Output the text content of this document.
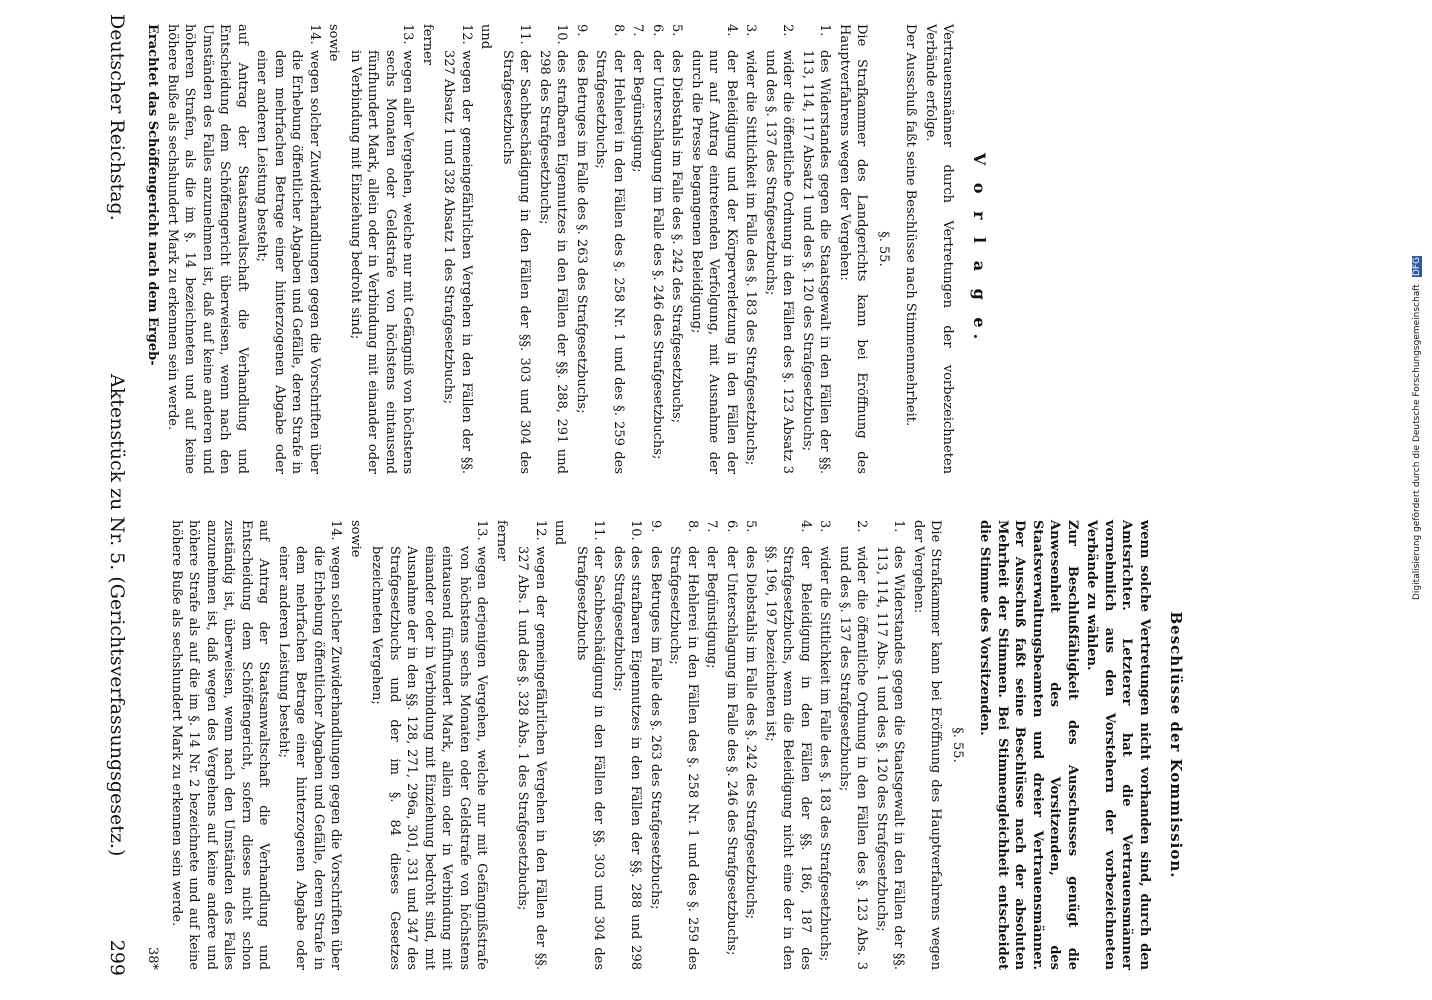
Deutscher Reichstag.
Aktenstück zu Nr. 5. (Gerichtsverfassungsgesetz.)
299
V o r l a g e.

Vertrauensmänner durch Vertretungen der vorbezeichneten Verbände erfolge.

Der Ausschuß faßt seine Beschlüsse nach Stimmenmehrheit.

§. 55.

Die Strafkammer des Landgerichts kann bei Eröffnung des Hauptverfahrens wegen der Vergehen:

1.
des Widerstandes gegen die Staatsgewalt in den Fällen der §§. 113, 114, 117 Absatz 1 und des §. 120 des Strafgesetzbuchs;
2.
wider die öffentliche Ordnung in den Fällen des §. 123 Absatz 3 und des §. 137 des Strafgesetzbuchs;
3.
wider die Sittlichkeit im Falle des §. 183 des Strafgesetzbuchs;
4.
der Beleidigung und der Körperverletzung in den Fällen der nur auf Antrag eintretenden Verfolgung, mit Ausnahme der durch die Presse begangenen Beleidigung;
5.
des Diebstahls im Falle des §. 242 des Strafgesetzbuchs;
6.
der Unterschlagung im Falle des §. 246 des Strafgesetzbuchs;
7.
der Begünstigung;
8.
der Hehlerei in den Fällen des §. 258 Nr. 1 und des §. 259 des Strafgesetzbuchs;
9.
des Betruges im Falle des §. 263 des Strafgesetzbuchs;
10.
des strafbaren Eigennutzes in den Fällen der §§. 288, 291 und 298 des Strafgesetzbuchs;
11.
der Sachbeschädigung in den Fällen der §§. 303 und 304 des Strafgesetzbuchs
und
12.
wegen der gemeingefährlichen Vergehen in den Fällen der §§. 327 Absatz 1 und 328 Absatz 1 des Strafgesetzbuchs;
ferner
13.
wegen aller Vergehen, welche nur mit Gefängniß von höchstens sechs Monaten oder Geldstrafe von höchstens eintausend fünfhundert Mark, allein oder in Verbindung mit einander oder in Verbindung mit Einziehung bedroht sind;
sowie
14.
wegen solcher Zuwiderhandlungen gegen die Vorschriften über die Erhebung öffentlicher Abgaben und Gefälle, deren Strafe in dem mehrfachen Betrage einer hinterzogenen Abgabe oder einer anderen Leistung besteht;

auf Antrag der Staatsanwaltschaft die Verhandlung und Entscheidung dem Schöffengericht überweisen, wenn nach den Umständen des Falles anzunehmen ist, daß auf keine anderen und höheren Strafen, als die im §. 14 bezeichneten und auf keine höhere Buße als sechshundert Mark zu erkennen sein werde.

Erachtet das Schöffengericht nach dem Ergeb-

Beschlüsse der Kommission.

wenn solche Vertretungen nicht vorhanden sind, durch den Amtsrichter. Letzterer hat die Vertrauensmänner vornehmlich aus den Vorstehern der vorbezeichneten Verbände zu wählen.

Zur Beschlußfähigkeit des Ausschusses genügt die Anwesenheit des Vorsitzenden, des Staatsverwaltungsbeamten und dreier Vertrauensmänner. Der Ausschuß faßt seine Beschlüsse nach der absoluten Mehrheit der Stimmen. Bei Stimmengleichheit entscheidet die Stimme des Vorsitzenden.

§. 55.

Die Strafkammer kann bei Eröffnung des Hauptverfahrens wegen der Vergehen:

1.
des Widerstandes gegen die Staatsgewalt in den Fällen der §§. 113, 114, 117 Abs. 1 und des §. 120 des Strafgesetzbuchs;
2.
wider die öffentliche Ordnung in den Fällen des §. 123 Abs. 3 und des §. 137 des Strafgesetzbuchs;
3.
wider die Sittlichkeit im Falle des §. 183 des Strafgesetzbuchs;
4.
der Beleidigung in den Fällen der §§. 186, 187 des Strafgesetzbuchs, wenn die Beleidigung nicht eine der in den §§. 196, 197 bezeichneten ist;
5.
des Diebstahls im Falle des §. 242 des Strafgesetzbuchs;
6.
der Unterschlagung im Falle des §. 246 des Strafgesetzbuchs;
7.
der Begünstigung;
8.
der Hehlerei in den Fällen des §. 258 Nr. 1 und des §. 259 des Strafgesetzbuchs;
9.
des Betruges im Falle des §. 263 des Strafgesetzbuchs;
10.
des strafbaren Eigennutzes in den Fällen der §§. 288 und 298 des Strafgesetzbuchs;
11.
der Sachbeschädigung in den Fällen der §§. 303 und 304 des Strafgesetzbuchs
und
12.
wegen der gemeingefährlichen Vergehen in den Fällen der §§. 327 Abs. 1 und des §. 328 Abs. 1 des Strafgesetzbuchs;
ferner
13.
wegen derjenigen Vergehen, welche nur mit Gefängnißstrafe von höchstens sechs Monaten oder Geldstrafe von höchstens eintausend fünfhundert Mark, allein oder in Verbindung mit einander oder in Verbindung mit Einziehung bedroht sind, mit Ausnahme der in den §§. 128, 271, 296a, 301, 331 und 347 des Strafgesetzbuchs und der im §. 84 dieses Gesetzes bezeichneten Vergehen;
sowie
14.
wegen solcher Zuwiderhandlungen gegen die Vorschriften über die Erhebung öffentlicher Abgaben und Gefälle, deren Strafe in dem mehrfachen Betrage einer hinterzogenen Abgabe oder einer anderen Leistung besteht;

auf Antrag der Staatsanwaltschaft die Verhandlung und Entscheidung dem Schöffengericht, sofern dieses nicht schon zuständig ist, überweisen, wenn nach den Umständen des Falles anzunehmen ist, daß wegen des Vergehens auf keine andere und höhere Strafe als auf die im §. 14 Nr. 2 bezeichnete und auf keine höhere Buße als sechshundert Mark zu erkennen sein werde.

38*

Digitalisierung gefördert durch die Deutsche Forschungsgemeinschaft DFG
